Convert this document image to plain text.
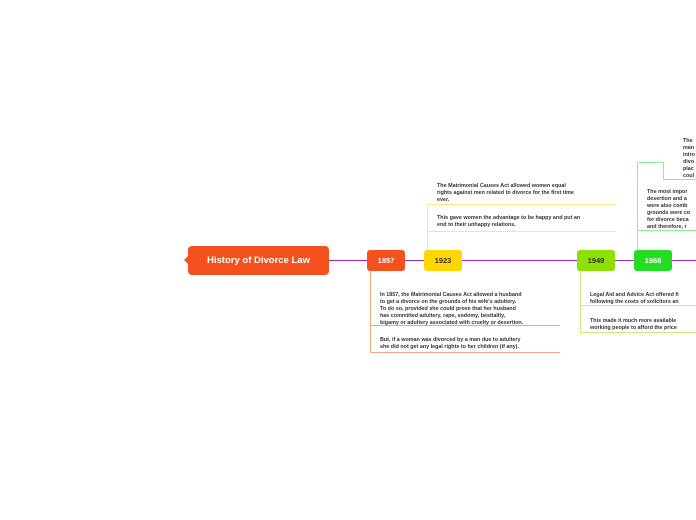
History of Divorce Law	1857	1923	1949	1968
In 1857, the Matrimonial Causes Act allowed a husband
to get a divorce on the grounds of his wife's adultery.
To do so, provided she could prove that her husband
has committed adultery, rape, sodomy, bestiality,
bigamy or adultery associated with cruelty or desertion.
But, if a woman was divorced by a man due to adultery
she did not get any legal rights to her children (if any).
The Matrimonial Causes Act allowed women equal
rights against men related to divorce for the first time
ever.
This gave women the advantage to be happy and put an
end to their unhappy relations.
Legal Aid and Advice Act offered fi
following the costs of solicitors an
This made it much more available
working people to afford the price
The most impor
desertion and a
were also comb
grounds were co
for divorce beca
and therefore, r
The
man
intro
divo
plac
coul
